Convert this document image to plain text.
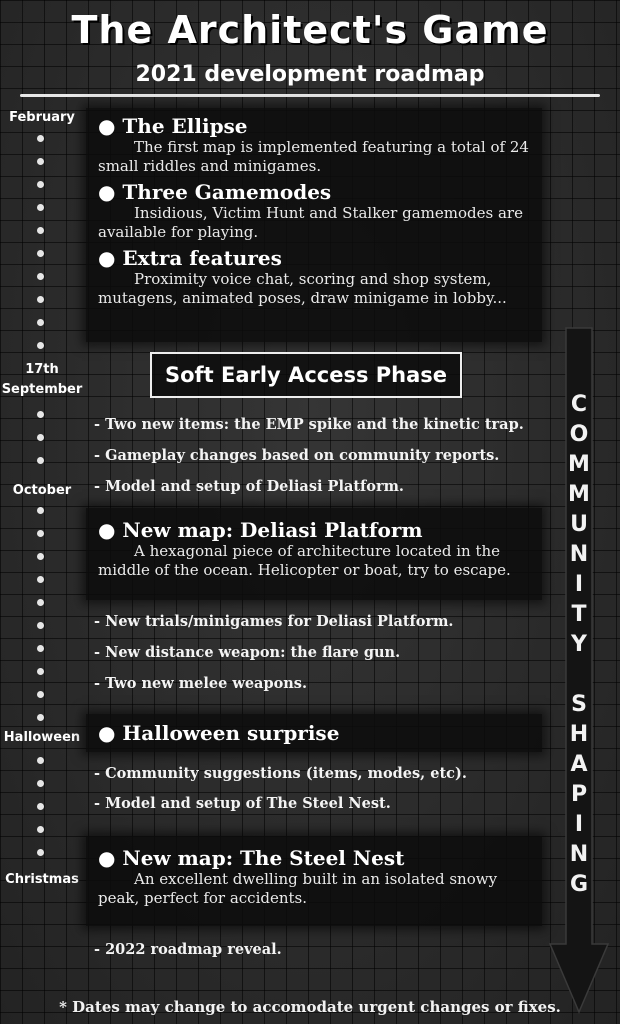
The Architect's Game
2021 development roadmap
February
17th
September
October
Halloween
Christmas
● The Ellipse
The first map is implemented featuring a total of 24 small riddles and minigames.
● Three Gamemodes
Insidious, Victim Hunt and Stalker gamemodes are available for playing.
● Extra features
Proximity voice chat, scoring and shop system, mutagens, animated poses, draw minigame in lobby...
Soft Early Access Phase
- Two new items: the EMP spike and the kinetic trap.
- Gameplay changes based on community reports.
- Model and setup of Deliasi Platform.
● New map: Deliasi Platform
A hexagonal piece of architecture located in the middle of the ocean. Helicopter or boat, try to escape.
- New trials/minigames for Deliasi Platform.
- New distance weapon: the flare gun.
- Two new melee weapons.
● Halloween surprise
- Community suggestions (items, modes, etc).
- Model and setup of The Steel Nest.
● New map: The Steel Nest
An excellent dwelling built in an isolated snowy peak, perfect for accidents.
- 2022 roadmap reveal.
C
O
M
M
U
N
I
T
Y
S
H
A
P
I
N
G
* Dates may change to accomodate urgent changes or fixes.
